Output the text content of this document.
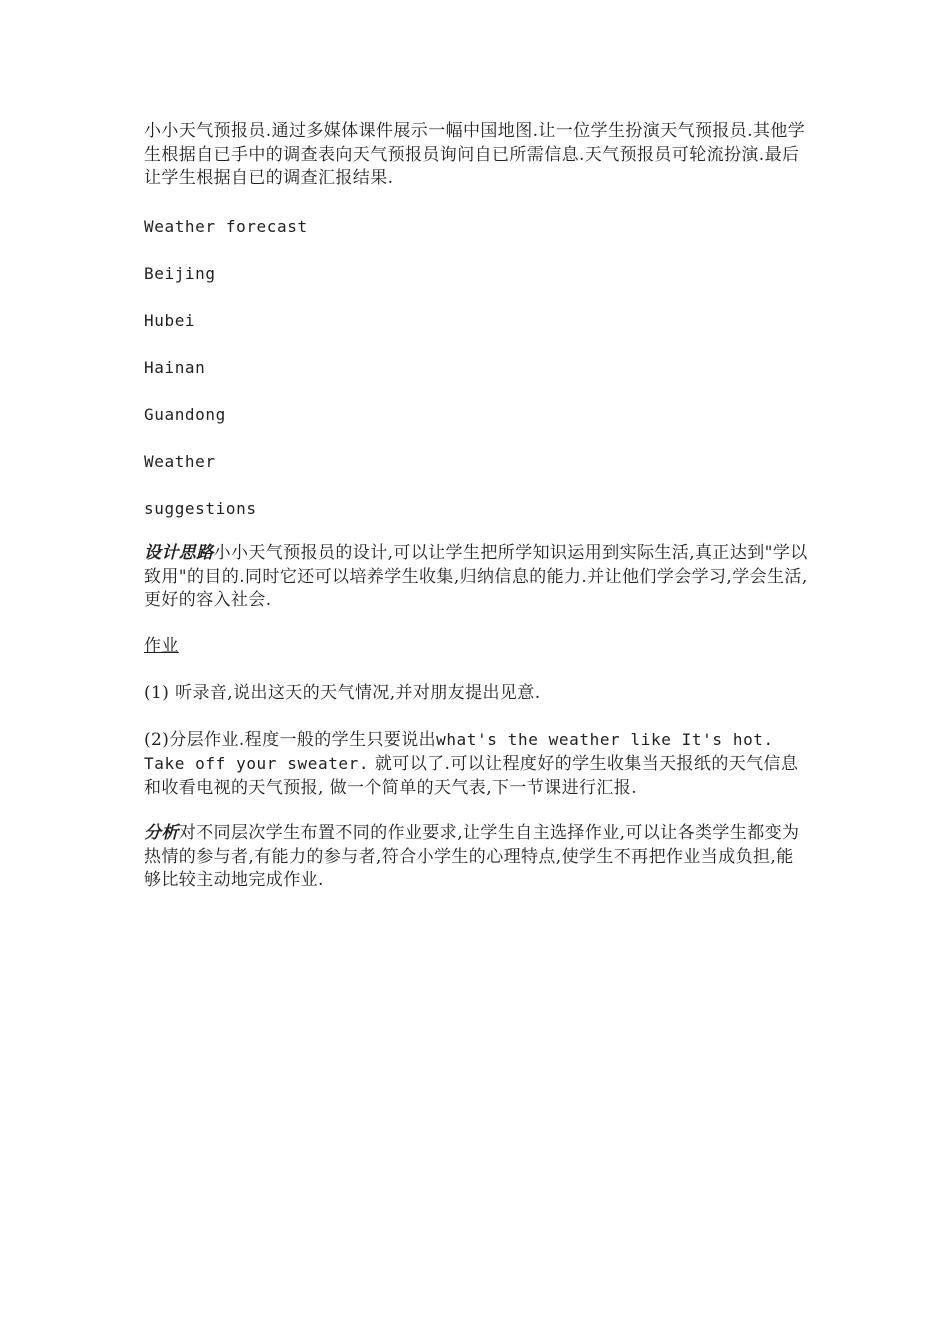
小小天气预报员.通过多媒体课件展示一幅中国地图.让一位学生扮演天气预报员.其他学生根据自已手中的调查表向天气预报员询问自已所需信息.天气预报员可轮流扮演.最后让学生根据自已的调查汇报结果.

Weather forecast

Beijing

Hubei

Hainan

Guandong

Weather

suggestions

设计思路小小天气预报员的设计,可以让学生把所学知识运用到实际生活,真正达到"学以致用"的目的.同时它还可以培养学生收集,归纳信息的能力.并让他们学会学习,学会生活,更好的容入社会.

作业

(1) 听录音,说出这天的天气情况,并对朋友提出见意.

(2)分层作业.程度一般的学生只要说出what's the weather like It's hot. Take off your sweater. 就可以了.可以让程度好的学生收集当天报纸的天气信息和收看电视的天气预报, 做一个简单的天气表,下一节课进行汇报.

分析对不同层次学生布置不同的作业要求,让学生自主选择作业,可以让各类学生都变为热情的参与者,有能力的参与者,符合小学生的心理特点,使学生不再把作业当成负担,能够比较主动地完成作业.
